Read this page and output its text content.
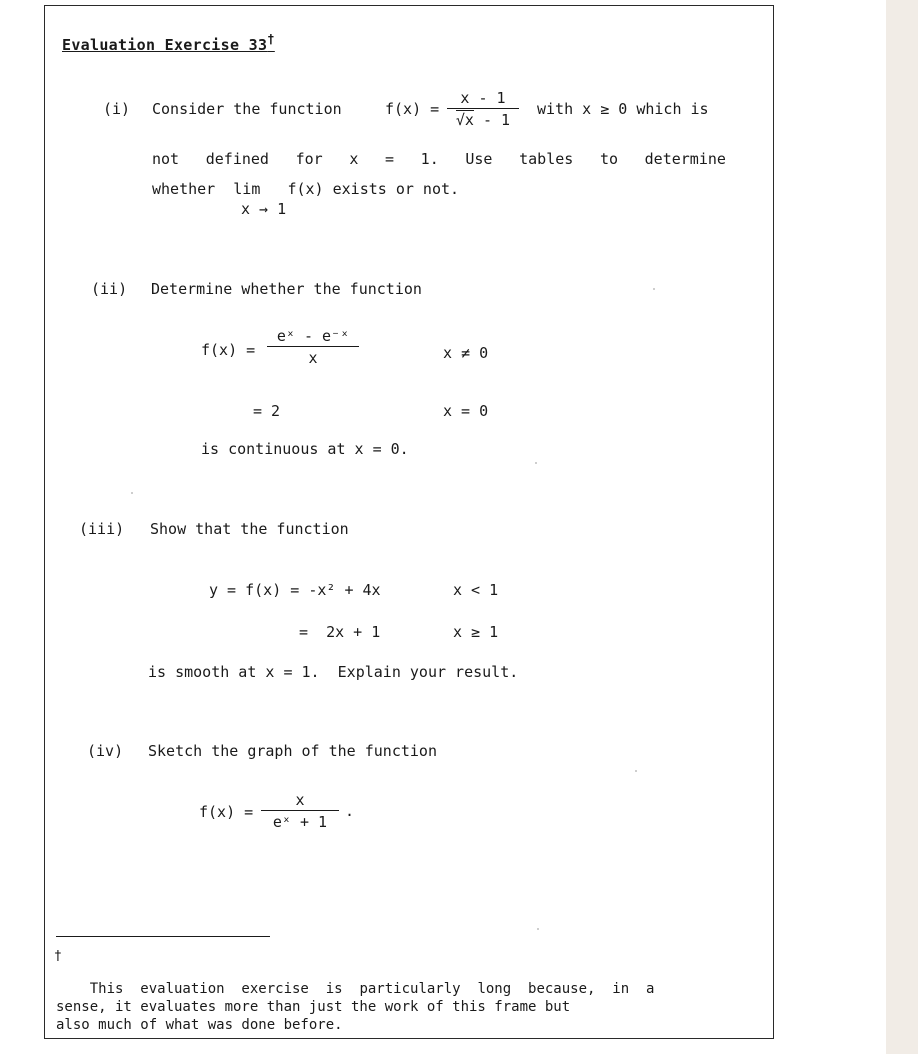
Evaluation Exercise 33†
(i) Consider the function	$f(x) = \frac{x - 1}{√x - 1}$ with x ≥ 0 which is
not defined for x = 1. Use tables to determine
whether  lim   f(x) exists or not.
x → 1
(ii) Determine whether the function
$f(x) = \frac{\text{eˣ - e⁻ˣ}}{x}$	x ≠ 0
= 2	x = 0
is continuous at x = 0.
(iii) Show that the function
y = f(x) = -x² + 4x	x < 1
=  2x + 1	x ≥ 1
is smooth at x = 1.  Explain your result.
(iv) Sketch the graph of the function
$f(x) = \frac{x}{\text{eˣ + 1}}$ .

†
This  evaluation  exercise  is  particularly  long  because,  in  a
sense, it evaluates more than just the work of this frame but
also much of what was done before.
